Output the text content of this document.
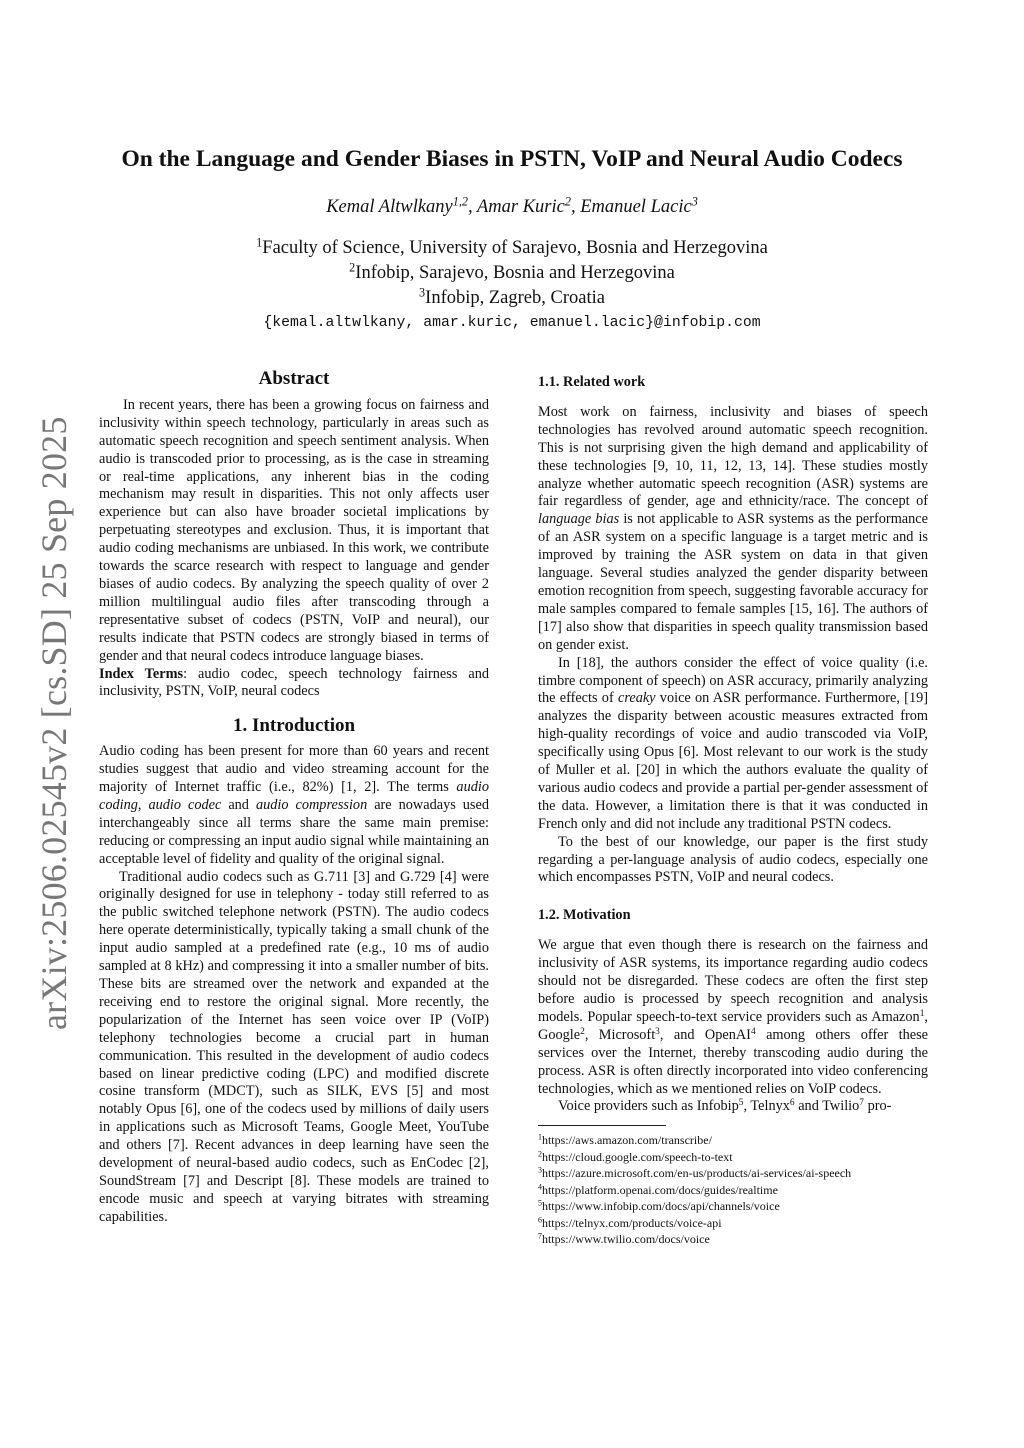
arXiv:2506.02545v2 [cs.SD] 25 Sep 2025
On the Language and Gender Biases in PSTN, VoIP and Neural Audio Codecs
Kemal Altwlkany$^{1,2}$, Amar Kuric$^2$, Emanuel Lacic$^3$
$^1$Faculty of Science, University of Sarajevo, Bosnia and Herzegovina
$^2$Infobip, Sarajevo, Bosnia and Herzegovina
$^3$Infobip, Zagreb, Croatia
{kemal.altwlkany, amar.kuric, emanuel.lacic}@infobip.com
Abstract

In recent years, there has been a growing focus on fairness and inclusivity within speech technology, particularly in areas such as automatic speech recognition and speech sentiment analysis. When audio is transcoded prior to processing, as is the case in streaming or real-time applications, any inherent bias in the coding mechanism may result in disparities. This not only affects user experience but can also have broader societal implications by perpetuating stereotypes and exclusion. Thus, it is important that audio coding mechanisms are unbiased. In this work, we contribute towards the scarce research with respect to language and gender biases of audio codecs. By analyzing the speech quality of over 2 million multilingual audio files after transcoding through a representative subset of codecs (PSTN, VoIP and neural), our results indicate that PSTN codecs are strongly biased in terms of gender and that neural codecs introduce language biases.

Index Terms: audio codec, speech technology fairness and inclusivity, PSTN, VoIP, neural codecs

1. Introduction

Audio coding has been present for more than 60 years and recent studies suggest that audio and video streaming account for the majority of Internet traffic (i.e., 82%) [1, 2]. The terms audio coding, audio codec and audio compression are nowadays used interchangeably since all terms share the same main premise: reducing or compressing an input audio signal while maintaining an acceptable level of fidelity and quality of the original signal.

Traditional audio codecs such as G.711 [3] and G.729 [4] were originally designed for use in telephony - today still referred to as the public switched telephone network (PSTN). The audio codecs here operate deterministically, typically taking a small chunk of the input audio sampled at a predefined rate (e.g., 10 ms of audio sampled at 8 kHz) and compressing it into a smaller number of bits. These bits are streamed over the network and expanded at the receiving end to restore the original signal. More recently, the popularization of the Internet has seen voice over IP (VoIP) telephony technologies become a crucial part in human communication. This resulted in the development of audio codecs based on linear predictive coding (LPC) and modified discrete cosine transform (MDCT), such as SILK, EVS [5] and most notably Opus [6], one of the codecs used by millions of daily users in applications such as Microsoft Teams, Google Meet, YouTube and others [7]. Recent advances in deep learning have seen the development of neural-based audio codecs, such as EnCodec [2], SoundStream [7] and Descript [8]. These models are trained to encode music and speech at varying bitrates with streaming capabilities.

1.1. Related work

Most work on fairness, inclusivity and biases of speech technologies has revolved around automatic speech recognition. This is not surprising given the high demand and applicability of these technologies [9, 10, 11, 12, 13, 14]. These studies mostly analyze whether automatic speech recognition (ASR) systems are fair regardless of gender, age and ethnicity/race. The concept of language bias is not applicable to ASR systems as the performance of an ASR system on a specific language is a target metric and is improved by training the ASR system on data in that given language. Several studies analyzed the gender disparity between emotion recognition from speech, suggesting favorable accuracy for male samples compared to female samples [15, 16]. The authors of [17] also show that disparities in speech quality transmission based on gender exist.

In [18], the authors consider the effect of voice quality (i.e. timbre component of speech) on ASR accuracy, primarily analyzing the effects of creaky voice on ASR performance. Furthermore, [19] analyzes the disparity between acoustic measures extracted from high-quality recordings of voice and audio transcoded via VoIP, specifically using Opus [6]. Most relevant to our work is the study of Muller et al. [20] in which the authors evaluate the quality of various audio codecs and provide a partial per-gender assessment of the data. However, a limitation there is that it was conducted in French only and did not include any traditional PSTN codecs.

To the best of our knowledge, our paper is the first study regarding a per-language analysis of audio codecs, especially one which encompasses PSTN, VoIP and neural codecs.

1.2. Motivation

We argue that even though there is research on the fairness and inclusivity of ASR systems, its importance regarding audio codecs should not be disregarded. These codecs are often the first step before audio is processed by speech recognition and analysis models. Popular speech-to-text service providers such as Amazon$^1$, Google$^2$, Microsoft$^3$, and OpenAI$^4$ among others offer these services over the Internet, thereby transcoding audio during the process. ASR is often directly incorporated into video conferencing technologies, which as we mentioned relies on VoIP codecs.

Voice providers such as Infobip$^5$, Telnyx$^6$ and Twilio$^7$ pro-

$^1$https://aws.amazon.com/transcribe/
$^2$https://cloud.google.com/speech-to-text
$^3$https://azure.microsoft.com/en-us/products/ai-services/ai-speech
$^4$https://platform.openai.com/docs/guides/realtime
$^5$https://www.infobip.com/docs/api/channels/voice
$^6$https://telnyx.com/products/voice-api
$^7$https://www.twilio.com/docs/voice
